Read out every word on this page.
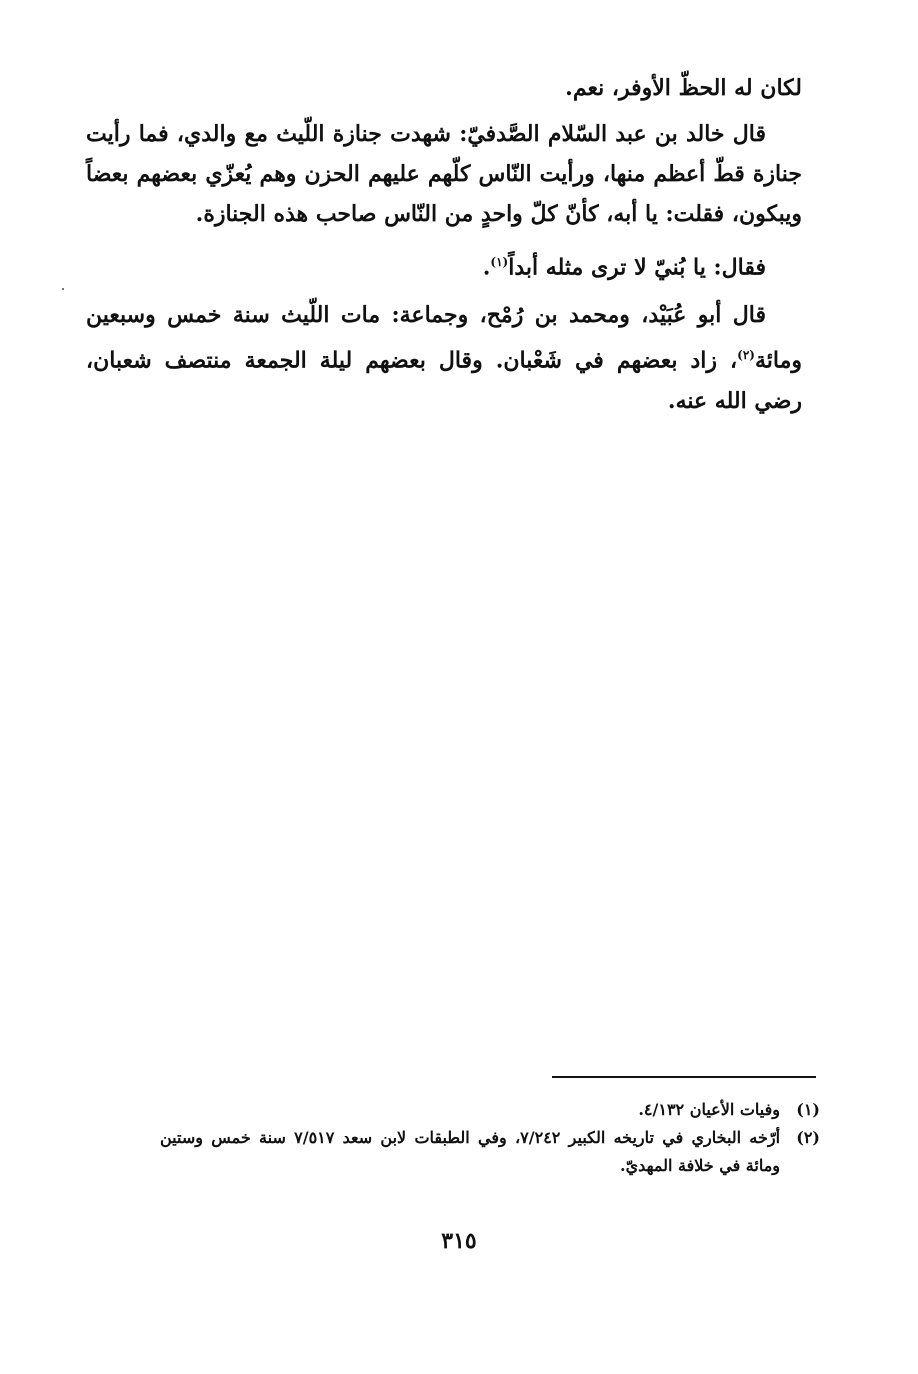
لكان له الحظّ الأوفر، نعم.

قال خالد بن عبد السّلام الصَّدفيّ: شهدت جنازة اللّيث مع والدي، فما رأيت جنازة قطّ أعظم منها، ورأيت النّاس كلّهم عليهم الحزن وهم يُعزّي بعضهم بعضاً ويبكون، فقلت: يا أبه، كأنّ كلّ واحدٍ من النّاس صاحب هذه الجنازة.

فقال: يا بُنيّ لا ترى مثله أبداً$^{(١)}$.

قال أبو عُبَيْد، ومحمد بن رُمْح، وجماعة: مات اللّيث سنة خمس وسبعين ومائة$^{(٢)}$، زاد بعضهم في شَعْبان. وقال بعضهم ليلة الجمعة منتصف شعبان، رضي الله عنه.

(١)
وفيات الأعيان ٤/١٣٢.
(٢)
أرّخه البخاري في تاريخه الكبير ٧/٢٤٢، وفي الطبقات لابن سعد ٧/٥١٧ سنة خمس وستين ومائة في خلافة المهديّ.
٣١٥
